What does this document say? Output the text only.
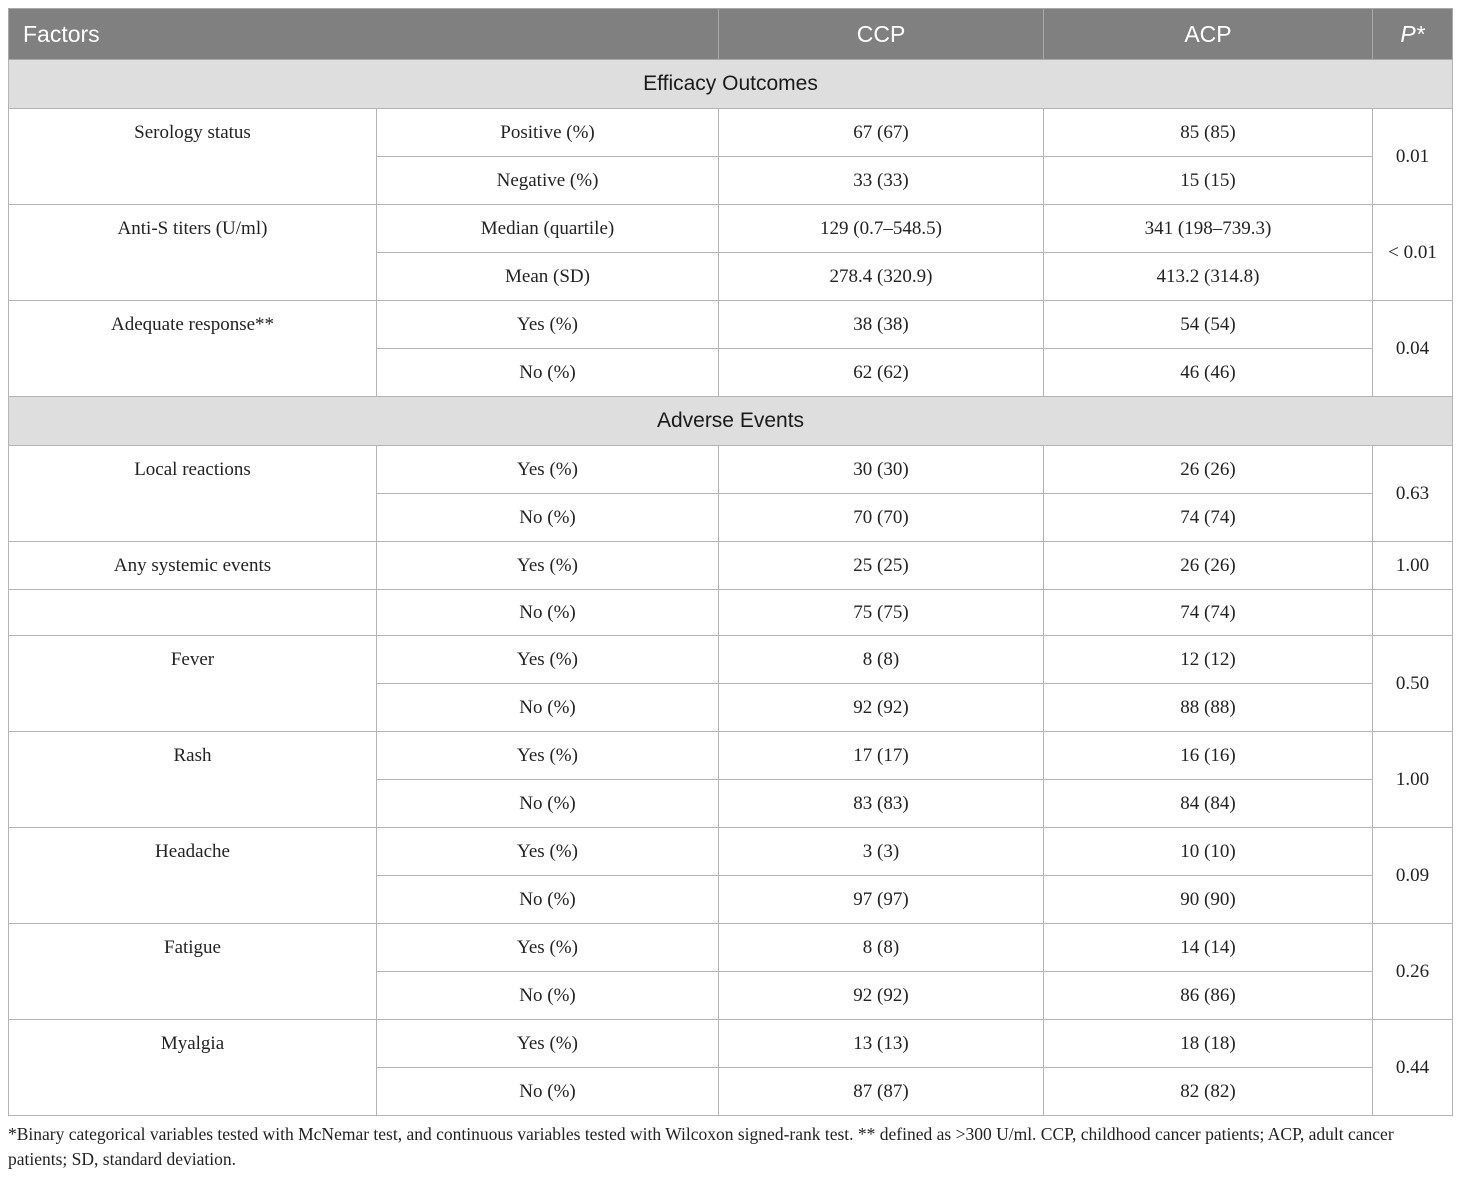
Factors		CCP	ACP	P*
Efficacy Outcomes				
Serology status	Positive (%)	67 (67)	85 (85)	0.01
	Negative (%)	33 (33)	15 (15)	
Anti-S titers (U/ml)	Median (quartile)	129 (0.7–548.5)	341 (198–739.3)	< 0.01
	Mean (SD)	278.4 (320.9)	413.2 (314.8)	
Adequate response**	Yes (%)	38 (38)	54 (54)	0.04
	No (%)	62 (62)	46 (46)	
Adverse Events				
Local reactions	Yes (%)	30 (30)	26 (26)	0.63
	No (%)	70 (70)	74 (74)	
Any systemic events	Yes (%)	25 (25)	26 (26)	1.00
	No (%)	75 (75)	74 (74)	
Fever	Yes (%)	8 (8)	12 (12)	0.50
	No (%)	92 (92)	88 (88)	
Rash	Yes (%)	17 (17)	16 (16)	1.00
	No (%)	83 (83)	84 (84)	
Headache	Yes (%)	3 (3)	10 (10)	0.09
	No (%)	97 (97)	90 (90)	
Fatigue	Yes (%)	8 (8)	14 (14)	0.26
	No (%)	92 (92)	86 (86)	
Myalgia	Yes (%)	13 (13)	18 (18)	0.44
	No (%)	87 (87)	82 (82)	
*Binary categorical variables tested with McNemar test, and continuous variables tested with Wilcoxon signed-rank test. ** defined as >300 U/ml. CCP, childhood cancer patients; ACP, adult cancer patients; SD, standard deviation.
